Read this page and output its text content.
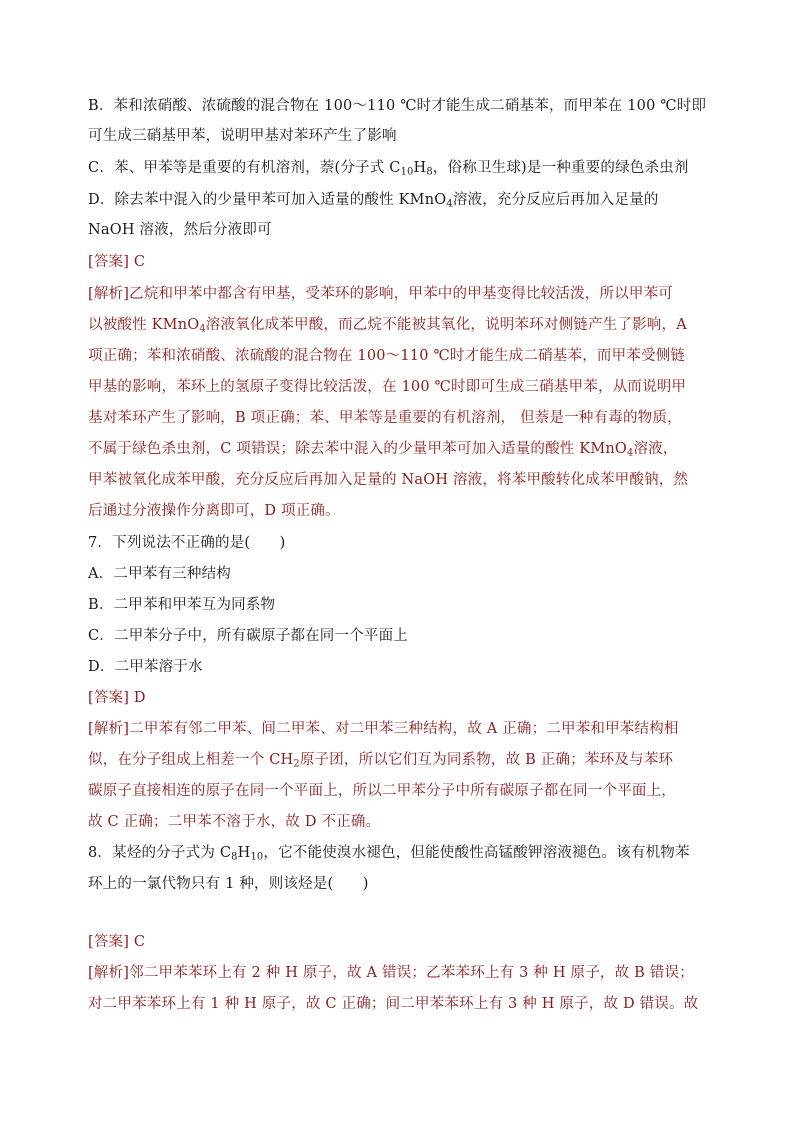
B．苯和浓硝酸、浓硫酸的混合物在 100～110 ℃时才能生成二硝基苯，而甲苯在 100 ℃时即
可生成三硝基甲苯，说明甲基对苯环产生了影响
C．苯、甲苯等是重要的有机溶剂，萘(分子式 $C_{10}H_8$，俗称卫生球)是一种重要的绿色杀虫剂
D．除去苯中混入的少量甲苯可加入适量的酸性 KMnO$_4$溶液，充分反应后再加入足量的
NaOH 溶液，然后分液即可
[答案] C
[解析]乙烷和甲苯中都含有甲基，受苯环的影响，甲苯中的甲基变得比较活泼，所以甲苯可
以被酸性 KMnO$_4$溶液氧化成苯甲酸，而乙烷不能被其氧化，说明苯环对侧链产生了影响，A
项正确；苯和浓硝酸、浓硫酸的混合物在 100～110 ℃时才能生成二硝基苯，而甲苯受侧链
甲基的影响，苯环上的氢原子变得比较活泼，在 100 ℃时即可生成三硝基甲苯，从而说明甲
基对苯环产生了影响，B 项正确；苯、甲苯等是重要的有机溶剂， 但萘是一种有毒的物质，
不属于绿色杀虫剂，C 项错误；除去苯中混入的少量甲苯可加入适量的酸性 KMnO$_4$溶液，
甲苯被氧化成苯甲酸，充分反应后再加入足量的 NaOH 溶液，将苯甲酸转化成苯甲酸钠，然
后通过分液操作分离即可，D 项正确。
7．下列说法不正确的是(　　)
A．二甲苯有三种结构
B．二甲苯和甲苯互为同系物
C．二甲苯分子中，所有碳原子都在同一个平面上
D．二甲苯溶于水
[答案] D
[解析]二甲苯有邻二甲苯、间二甲苯、对二甲苯三种结构，故 A 正确；二甲苯和甲苯结构相
似，在分子组成上相差一个 $CH_2$原子团，所以它们互为同系物，故 B 正确；苯环及与苯环
碳原子直接相连的原子在同一个平面上，所以二甲苯分子中所有碳原子都在同一个平面上，
故 C 正确；二甲苯不溶于水，故 D 不正确。
8．某烃的分子式为 $C_8H_{10}$，它不能使溴水褪色，但能使酸性高锰酸钾溶液褪色。该有机物苯
环上的一氯代物只有 1 种，则该烃是(　　)
[答案] C
[解析]邻二甲苯苯环上有 2 种 H 原子，故 A 错误；乙苯苯环上有 3 种 H 原子，故 B 错误；
对二甲苯苯环上有 1 种 H 原子，故 C 正确；间二甲苯苯环上有 3 种 H 原子，故 D 错误。故
